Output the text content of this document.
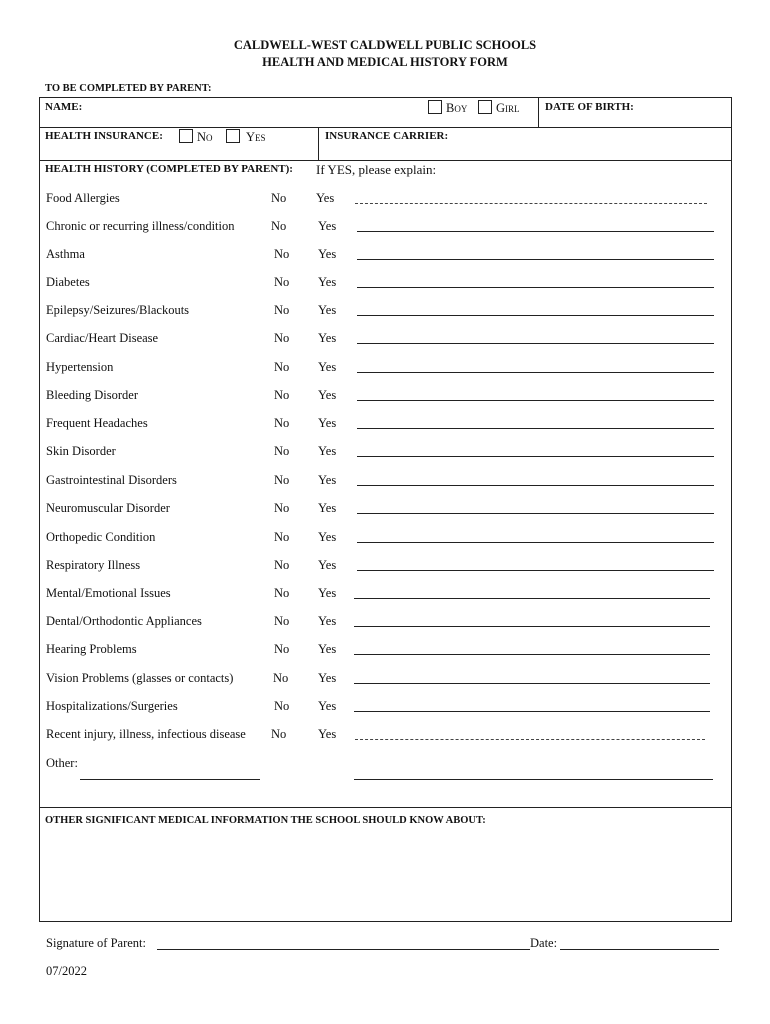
CALDWELL-WEST CALDWELL PUBLIC SCHOOLS
HEALTH AND MEDICAL HISTORY FORM
TO BE COMPLETED BY PARENT:
NAME:	Boy Girl DATE OF BIRTH:
HEALTH INSURANCE:	No	Yes	INSURANCE CARRIER:
HEALTH HISTORY (COMPLETED BY PARENT): If YES, please explain:
Food Allergies	No Yes
Chronic or recurring illness/condition	No	Yes
Asthma	No Yes
Diabetes	No Yes
Epilepsy/Seizures/Blackouts	No Yes
Cardiac/Heart Disease	No Yes
Hypertension	No Yes
Bleeding Disorder	No Yes
Frequent Headaches	No Yes
Skin Disorder	No Yes
Gastrointestinal Disorders	No Yes
Neuromuscular Disorder	No Yes
Orthopedic Condition	No Yes
Respiratory Illness	No Yes
Mental/Emotional Issues	No Yes
Dental/Orthodontic Appliances	No Yes
Hearing Problems	No Yes
Vision Problems (glasses or contacts)	No Yes
Hospitalizations/Surgeries	No Yes
Recent injury, illness, infectious disease No	Yes
Other:
OTHER SIGNIFICANT MEDICAL INFORMATION THE SCHOOL SHOULD KNOW ABOUT:
Signature of Parent:	Date:
07/2022
